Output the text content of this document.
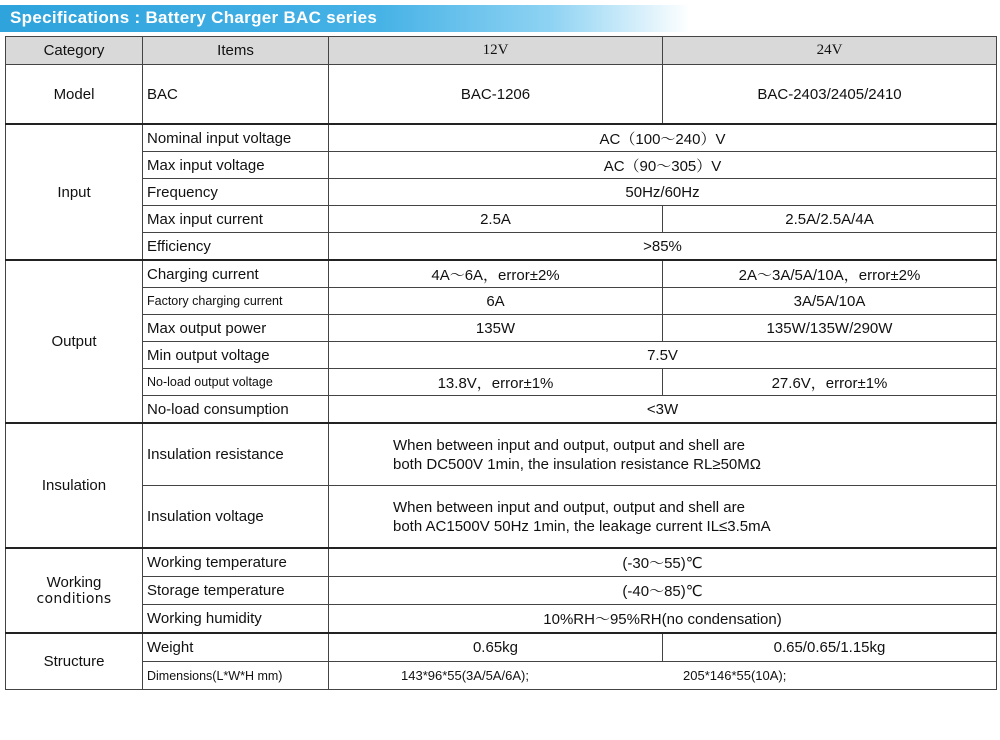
Specifications : Battery Charger BAC series
Category	Items	12V	24V
Model	BAC	BAC-1206	BAC-2403/2405/2410
Input	Nominal input voltage	AC（100～240）V	
	Max input voltage	AC（90～305）V	
	Frequency	50Hz/60Hz	
	Max input current	2.5A	2.5A/2.5A/4A
	Efficiency	>85%	
Output	Charging current	4A～6A，error±2%	2A～3A/5A/10A，error±2%
	Factory charging current	6A	3A/5A/10A
	Max output power	135W	135W/135W/290W
	Min output voltage	7.5V	
	No-load output voltage	13.8V，error±1%	27.6V，error±1%
	No-load consumption	<3W	
Insulation	Insulation resistance	When between input and output, output and shell are
both DC500V 1min, the insulation resistance RL≥50MΩ	

	Insulation voltage	When between input and output, output and shell are
both AC1500V 50Hz 1min, the leakage current IL≤3.5mA	

Working
conditions	Working temperature	(-30～55)℃	
	Storage temperature	(-40～85)℃	
	Working humidity	10%RH～95%RH(no condensation)	
Structure	Weight	0.65kg	0.65/0.65/1.15kg
	Dimensions(L*W*H mm)	143*96*55(3A/5A/6A); 205*146*55(10A);	
